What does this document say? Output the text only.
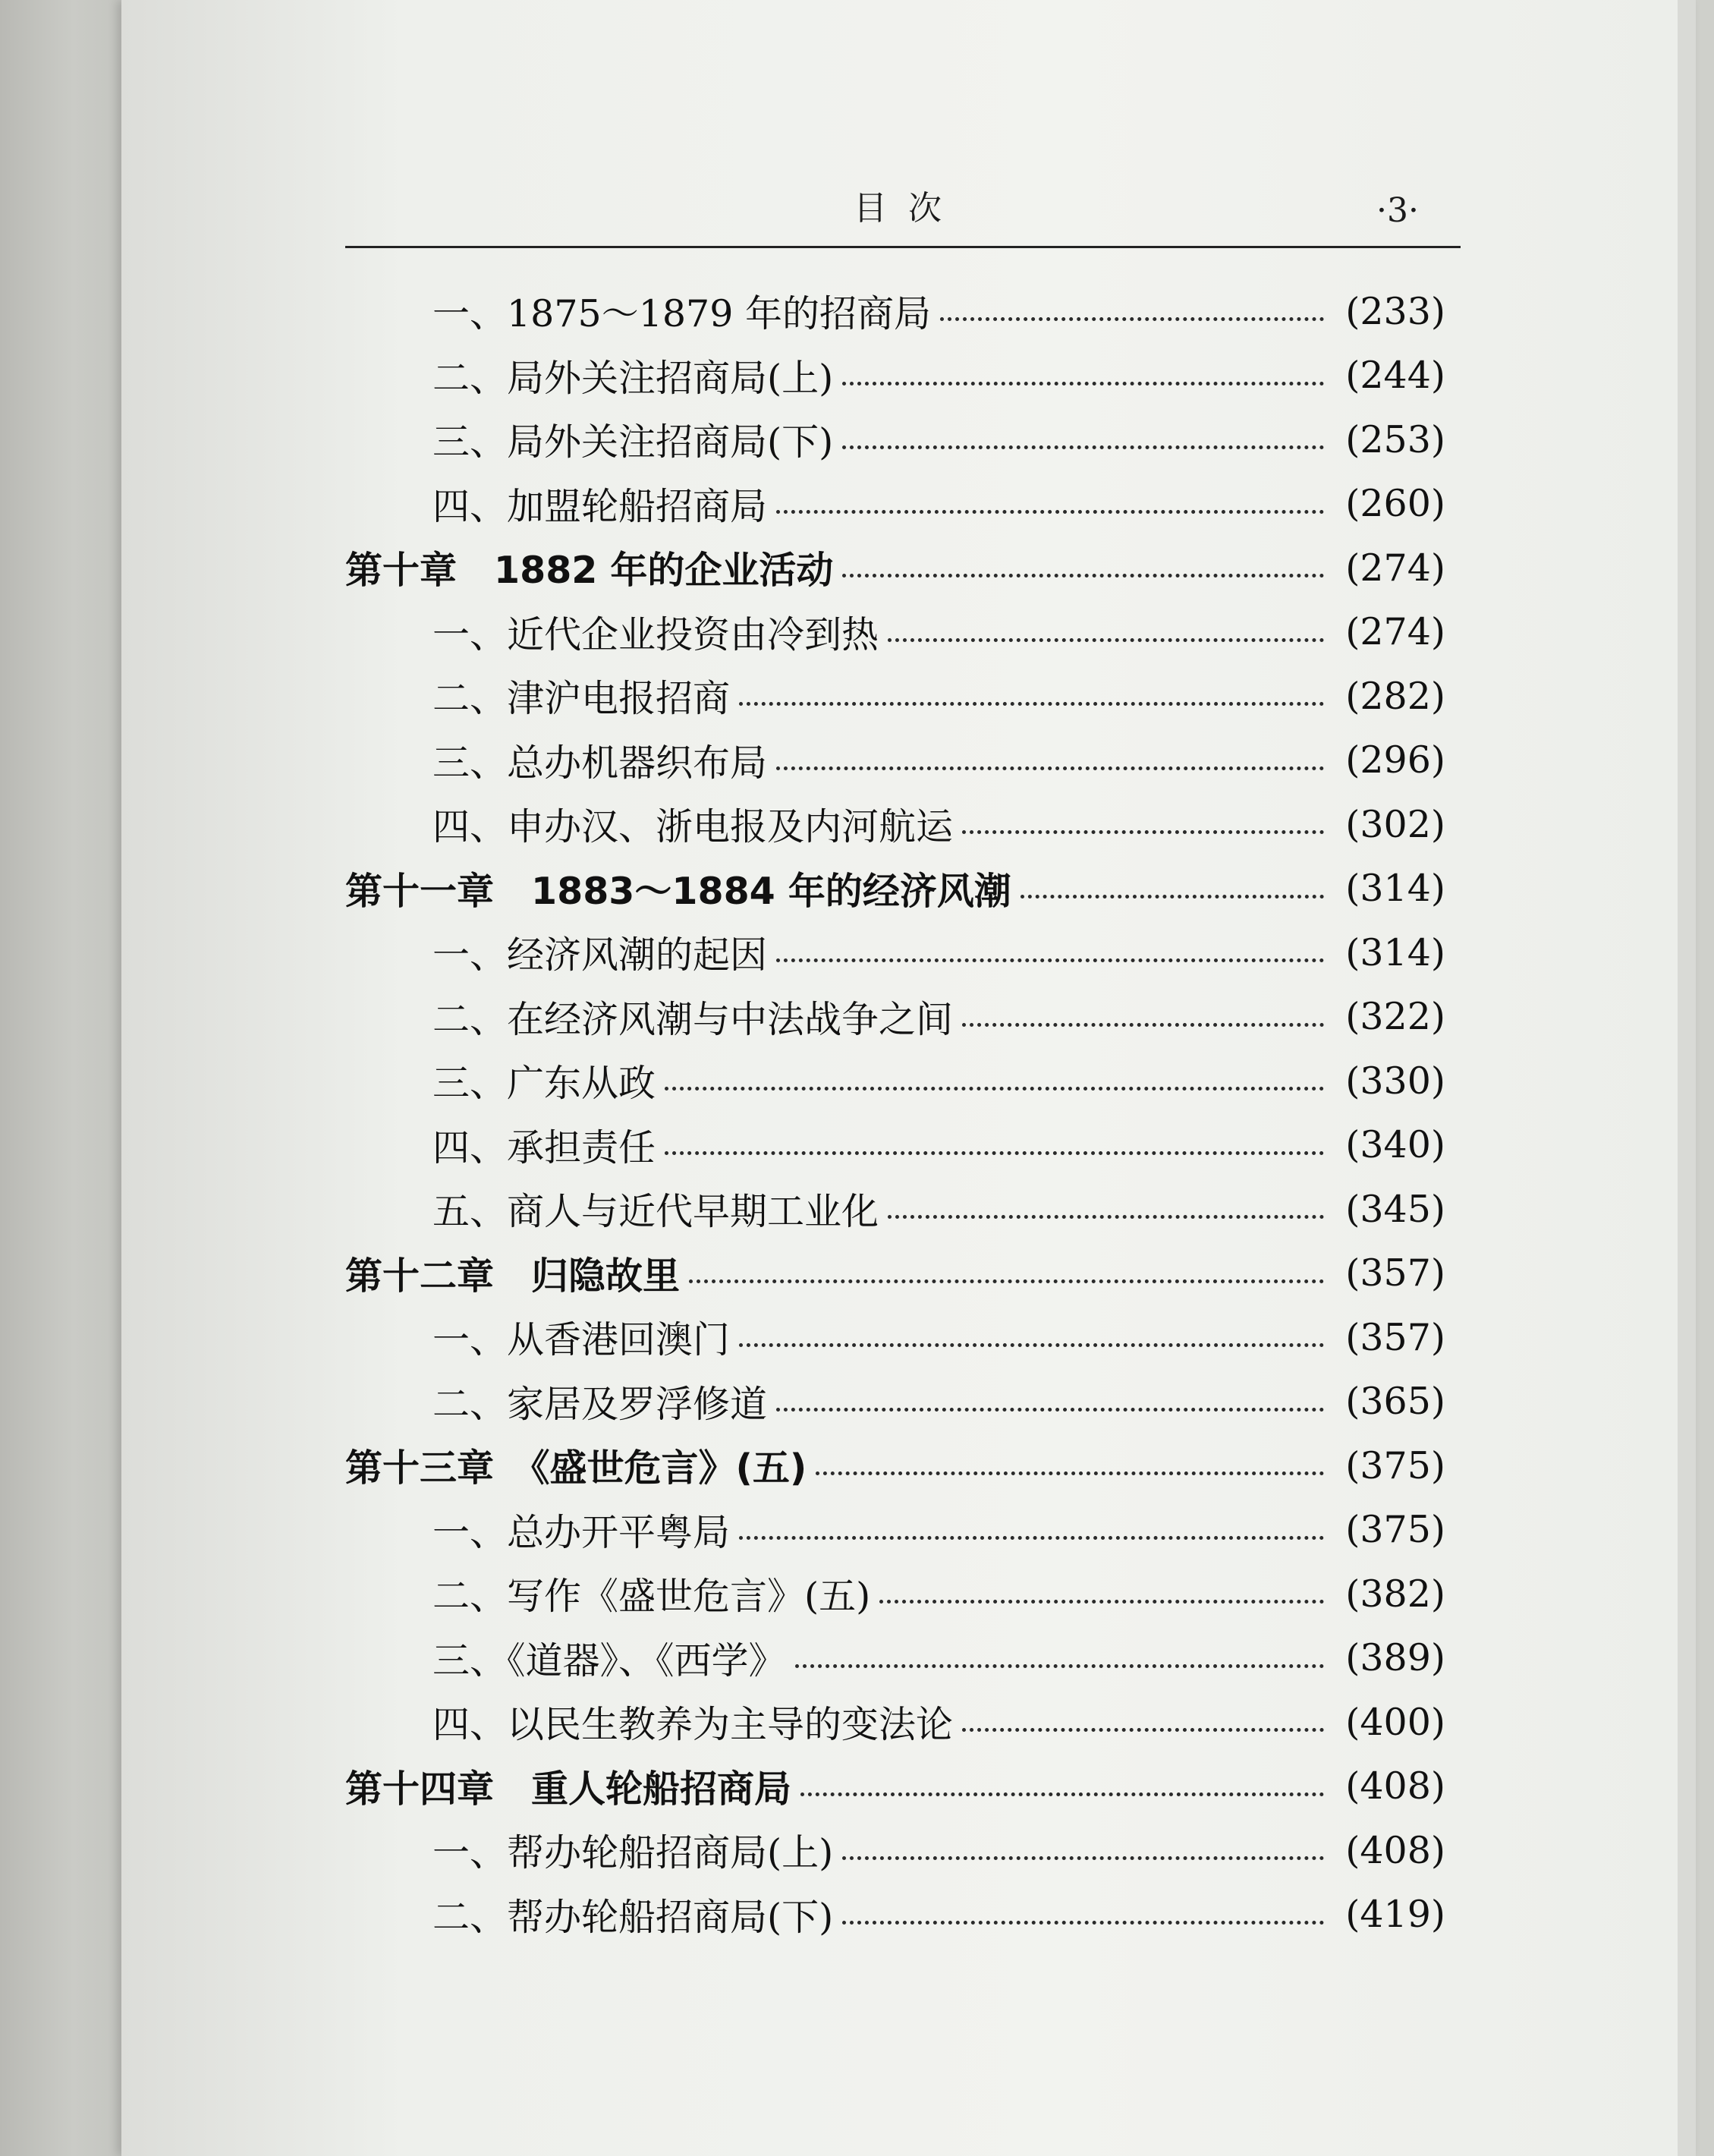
目次	·3·
一、1875～1879 年的招商局	(233)
二、局外关注招商局(上)	(244)
三、局外关注招商局(下)	(253)
四、加盟轮船招商局	(260)
第十章　1882 年的企业活动	(274)
一、近代企业投资由冷到热	(274)
二、津沪电报招商	(282)
三、总办机器织布局	(296)
四、申办汉、浙电报及内河航运	(302)
第十一章　1883～1884 年的经济风潮	(314)
一、经济风潮的起因	(314)
二、在经济风潮与中法战争之间	(322)
三、广东从政	(330)
四、承担责任	(340)
五、商人与近代早期工业化	(345)
第十二章　归隐故里	(357)
一、从香港回澳门	(357)
二、家居及罗浮修道	(365)
第十三章　《盛世危言》(五)	(375)
一、总办开平粤局	(375)
二、写作《盛世危言》(五)	(382)
三、《道器》、《西学》	(389)
四、以民生教养为主导的变法论	(400)
第十四章　重人轮船招商局	(408)
一、帮办轮船招商局(上)	(408)
二、帮办轮船招商局(下)	(419)
